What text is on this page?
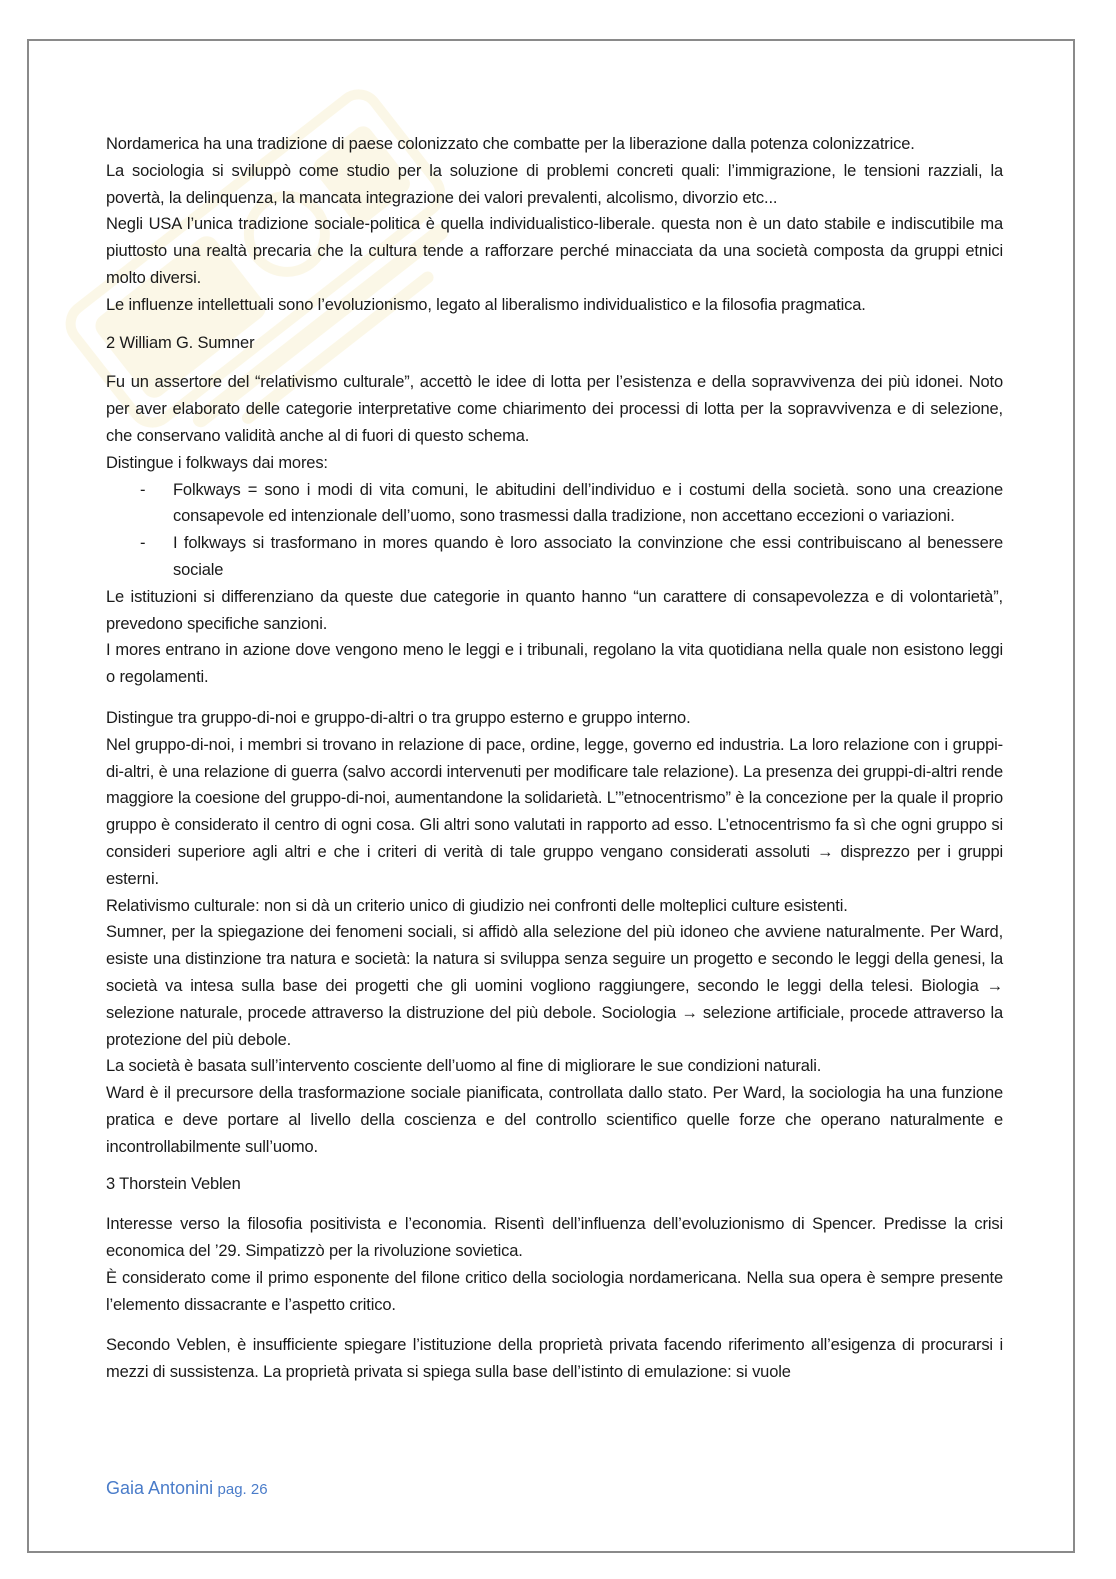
Nordamerica ha una tradizione di paese colonizzato che combatte per la liberazione dalla potenza colonizzatrice.

La sociologia si sviluppò come studio per la soluzione di problemi concreti quali: l’immigrazione, le tensioni razziali, la povertà, la delinquenza, la mancata integrazione dei valori prevalenti, alcolismo, divorzio etc...

Negli USA l’unica tradizione sociale-politica è quella individualistico-liberale. questa non è un dato stabile e indiscutibile ma piuttosto una realtà precaria che la cultura tende a rafforzare perché minacciata da una società composta da gruppi etnici molto diversi.

Le influenze intellettuali sono l’evoluzionismo, legato al liberalismo individualistico e la filosofia pragmatica.

2 William G. Sumner

Fu un assertore del “relativismo culturale”, accettò le idee di lotta per l’esistenza e della sopravvivenza dei più idonei. Noto per aver elaborato delle categorie interpretative come chiarimento dei processi di lotta per la sopravvivenza e di selezione, che conservano validità anche al di fuori di questo schema.

Distingue i folkways dai mores:

- Folkways = sono i modi di vita comuni, le abitudini dell’individuo e i costumi della società. sono una creazione consapevole ed intenzionale dell’uomo, sono trasmessi dalla tradizione, non accettano eccezioni o variazioni.
- I folkways si trasformano in mores quando è loro associato la convinzione che essi contribuiscano al benessere sociale

Le istituzioni si differenziano da queste due categorie in quanto hanno “un carattere di consapevolezza e di volontarietà”, prevedono specifiche sanzioni.

I mores entrano in azione dove vengono meno le leggi e i tribunali, regolano la vita quotidiana nella quale non esistono leggi o regolamenti.

Distingue tra gruppo-di-noi e gruppo-di-altri o tra gruppo esterno e gruppo interno.

Nel gruppo-di-noi, i membri si trovano in relazione di pace, ordine, legge, governo ed industria. La loro relazione con i gruppi-di-altri, è una relazione di guerra (salvo accordi intervenuti per modificare tale relazione). La presenza dei gruppi-di-altri rende maggiore la coesione del gruppo-di-noi, aumentandone la solidarietà. L’”etnocentrismo” è la concezione per la quale il proprio gruppo è considerato il centro di ogni cosa. Gli altri sono valutati in rapporto ad esso. L’etnocentrismo fa sì che ogni gruppo si consideri superiore agli altri e che i criteri di verità di tale gruppo vengano considerati assoluti → disprezzo per i gruppi esterni.

Relativismo culturale: non si dà un criterio unico di giudizio nei confronti delle molteplici culture esistenti.

Sumner, per la spiegazione dei fenomeni sociali, si affidò alla selezione del più idoneo che avviene naturalmente. Per Ward, esiste una distinzione tra natura e società: la natura si sviluppa senza seguire un progetto e secondo le leggi della genesi, la società va intesa sulla base dei progetti che gli uomini vogliono raggiungere, secondo le leggi della telesi. Biologia → selezione naturale, procede attraverso la distruzione del più debole. Sociologia → selezione artificiale, procede attraverso la protezione del più debole.

La società è basata sull’intervento cosciente dell’uomo al fine di migliorare le sue condizioni naturali.

Ward è il precursore della trasformazione sociale pianificata, controllata dallo stato. Per Ward, la sociologia ha una funzione pratica e deve portare al livello della coscienza e del controllo scientifico quelle forze che operano naturalmente e incontrollabilmente sull’uomo.

3 Thorstein Veblen

Interesse verso la filosofia positivista e l’economia. Risentì dell’influenza dell’evoluzionismo di Spencer. Predisse la crisi economica del ’29. Simpatizzò per la rivoluzione sovietica.

È considerato come il primo esponente del filone critico della sociologia nordamericana. Nella sua opera è sempre presente l’elemento dissacrante e l’aspetto critico.

Secondo Veblen, è insufficiente spiegare l’istituzione della proprietà privata facendo riferimento all’esigenza di procurarsi i mezzi di sussistenza. La proprietà privata si spiega sulla base dell’istinto di emulazione: si vuole

Gaia Antonini pag. 26
